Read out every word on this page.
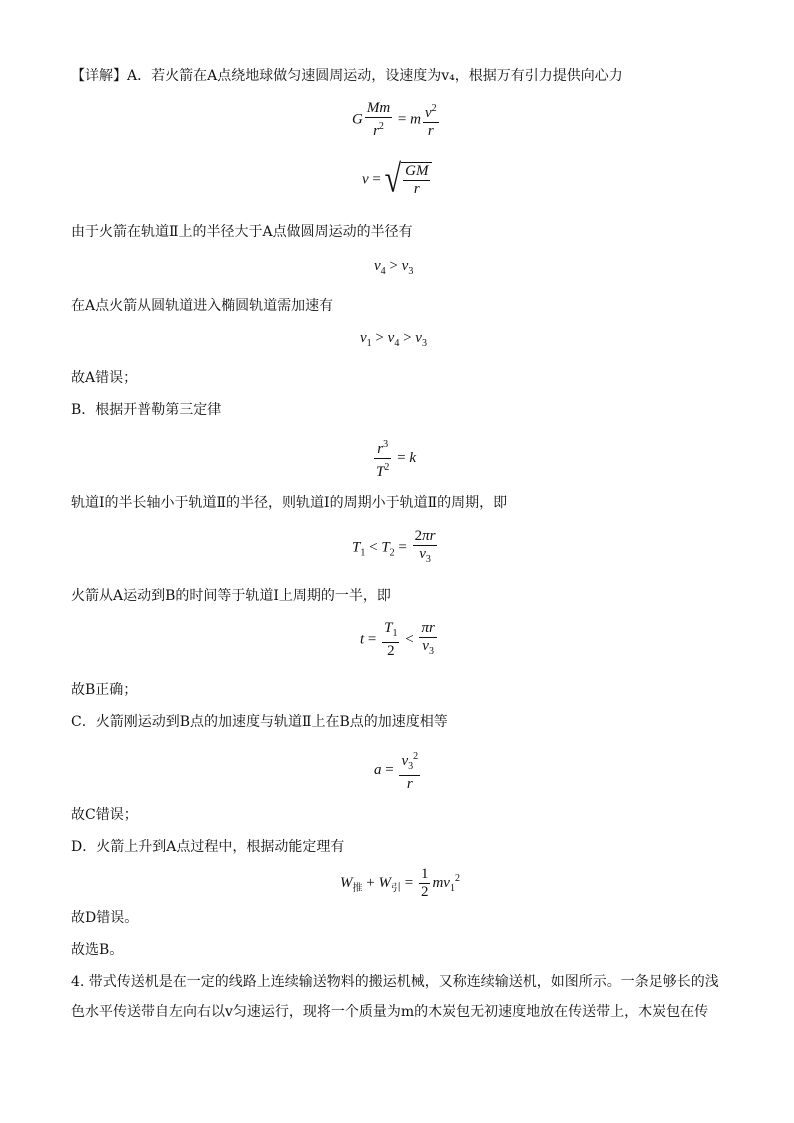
【详解】A．若火箭在A点绕地球做匀速圆周运动，设速度为v₄，根据万有引力提供向心力
G $\frac{Mm}{r^2} = m \frac{v^2}{r}$
v = √ $\frac{GM}{r}$
由于火箭在轨道Ⅱ上的半径大于A点做圆周运动的半径有
$v_4 > v_3$
在A点火箭从圆轨道进入椭圆轨道需加速有
$v_1 > v_4 > v_3$
故A错误；
B．根据开普勒第三定律
$\frac{r^3}{T^2} = k$
轨道Ⅰ的半长轴小于轨道Ⅱ的半径，则轨道Ⅰ的周期小于轨道Ⅱ的周期，即
$T_1 < T_2 = \frac{2\pi r}{v_3}$
火箭从A运动到B的时间等于轨道Ⅰ上周期的一半，即
$t = \frac{T_1}{2} < \frac{\pi r}{v_3}$
故B正确；
C．火箭刚运动到B点的加速度与轨道Ⅱ上在B点的加速度相等
$a = \frac{v_3^2}{r}$
故C错误；
D．火箭上升到A点过程中，根据动能定理有
$W_推 + W_引 = \frac{1}{2} mv_1^2$
故D错误。
故选B。
4. 带式传送机是在一定的线路上连续输送物料的搬运机械，又称连续输送机，如图所示。一条足够长的浅
色水平传送带自左向右以v匀速运行，现将一个质量为m的木炭包无初速度地放在传送带上，木炭包在传
